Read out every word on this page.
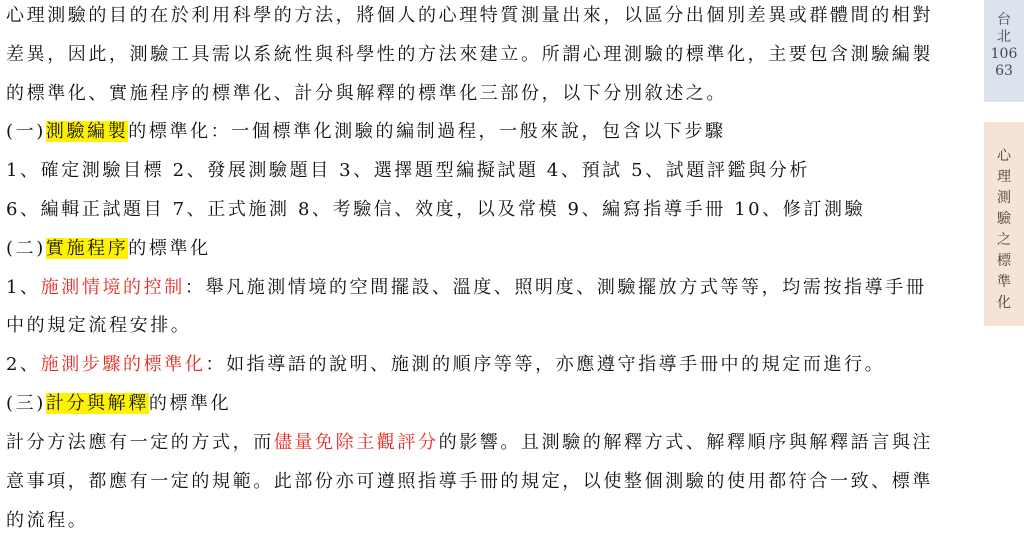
心理測驗的目的在於利用科學的方法，將個人的心理特質測量出來，以區分出個別差異或群體間的相對
差異，因此，測驗工具需以系統性與科學性的方法來建立。所謂心理測驗的標準化，主要包含測驗編製
的標準化、實施程序的標準化、計分與解釋的標準化三部份，以下分別敘述之。
(一)測驗編製的標準化：一個標準化測驗的編制過程，一般來說，包含以下步驟
1、確定測驗目標 2、發展測驗題目 3、選擇題型編擬試題 4、預試 5、試題評鑑與分析
6、編輯正試題目 7、正式施測 8、考驗信、效度，以及常模 9、編寫指導手冊 10、修訂測驗
(二)實施程序的標準化
1、施測情境的控制：舉凡施測情境的空間擺設、溫度、照明度、測驗擺放方式等等，均需按指導手冊
中的規定流程安排。
2、施測步驟的標準化：如指導語的說明、施測的順序等等，亦應遵守指導手冊中的規定而進行。
(三)計分與解釋的標準化
計分方法應有一定的方式，而儘量免除主觀評分的影響。且測驗的解釋方式、解釋順序與解釋語言與注
意事項，都應有一定的規範。此部份亦可遵照指導手冊的規定，以使整個測驗的使用都符合一致、標準
的流程。
台
北
106
63
心
理
測
驗
之
標
準
化
